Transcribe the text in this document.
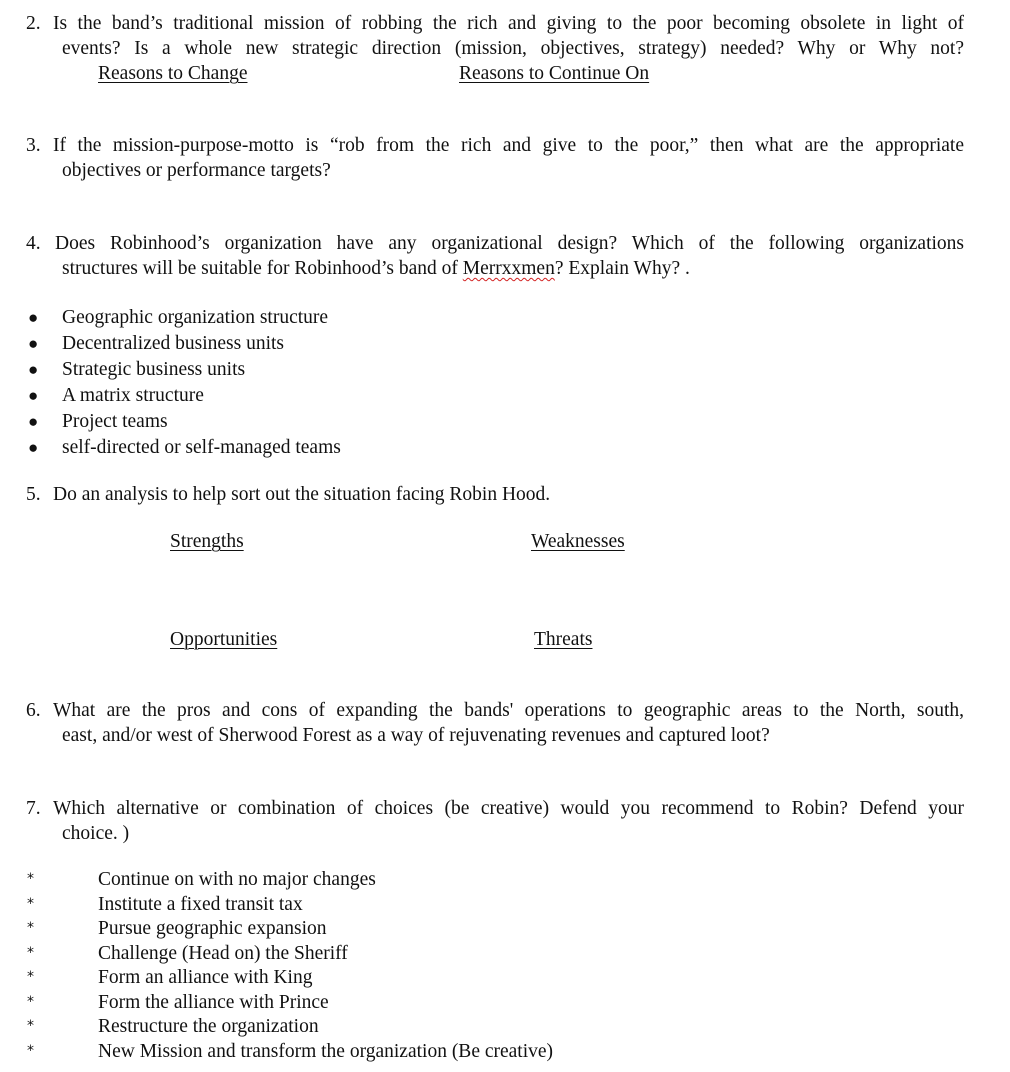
2. Is the band’s traditional mission of robbing the rich and giving to the poor becoming obsolete in light of
events? Is a whole new strategic direction (mission, objectives, strategy) needed? Why or Why not?
Reasons to Change	Reasons to Continue On
3. If the mission-purpose-motto is “rob from the rich and give to the poor,” then what are the appropriate
objectives or performance targets?
4. Does Robinhood’s organization have any organizational design? Which of the following organizations
structures will be suitable for Robinhood’s band of Merrxxmen? Explain Why? .
● Geographic organization structure
● Decentralized business units
● Strategic business units
● A matrix structure
● Project teams
● self-directed or self-managed teams
5. Do an analysis to help sort out the situation facing Robin Hood.
Strengths	Weaknesses
Opportunities	Threats
6. What are the pros and cons of expanding the bands' operations to geographic areas to the North, south,
east, and/or west of Sherwood Forest as a way of rejuvenating revenues and captured loot?
7. Which alternative or combination of choices (be creative) would you recommend to Robin? Defend your
choice. )
*	Continue on with no major changes
*	Institute a fixed transit tax
*	Pursue geographic expansion
*	Challenge (Head on) the Sheriff
*	Form an alliance with King
*	Form the alliance with Prince
*	Restructure the organization
*	New Mission and transform the organization (Be creative)
